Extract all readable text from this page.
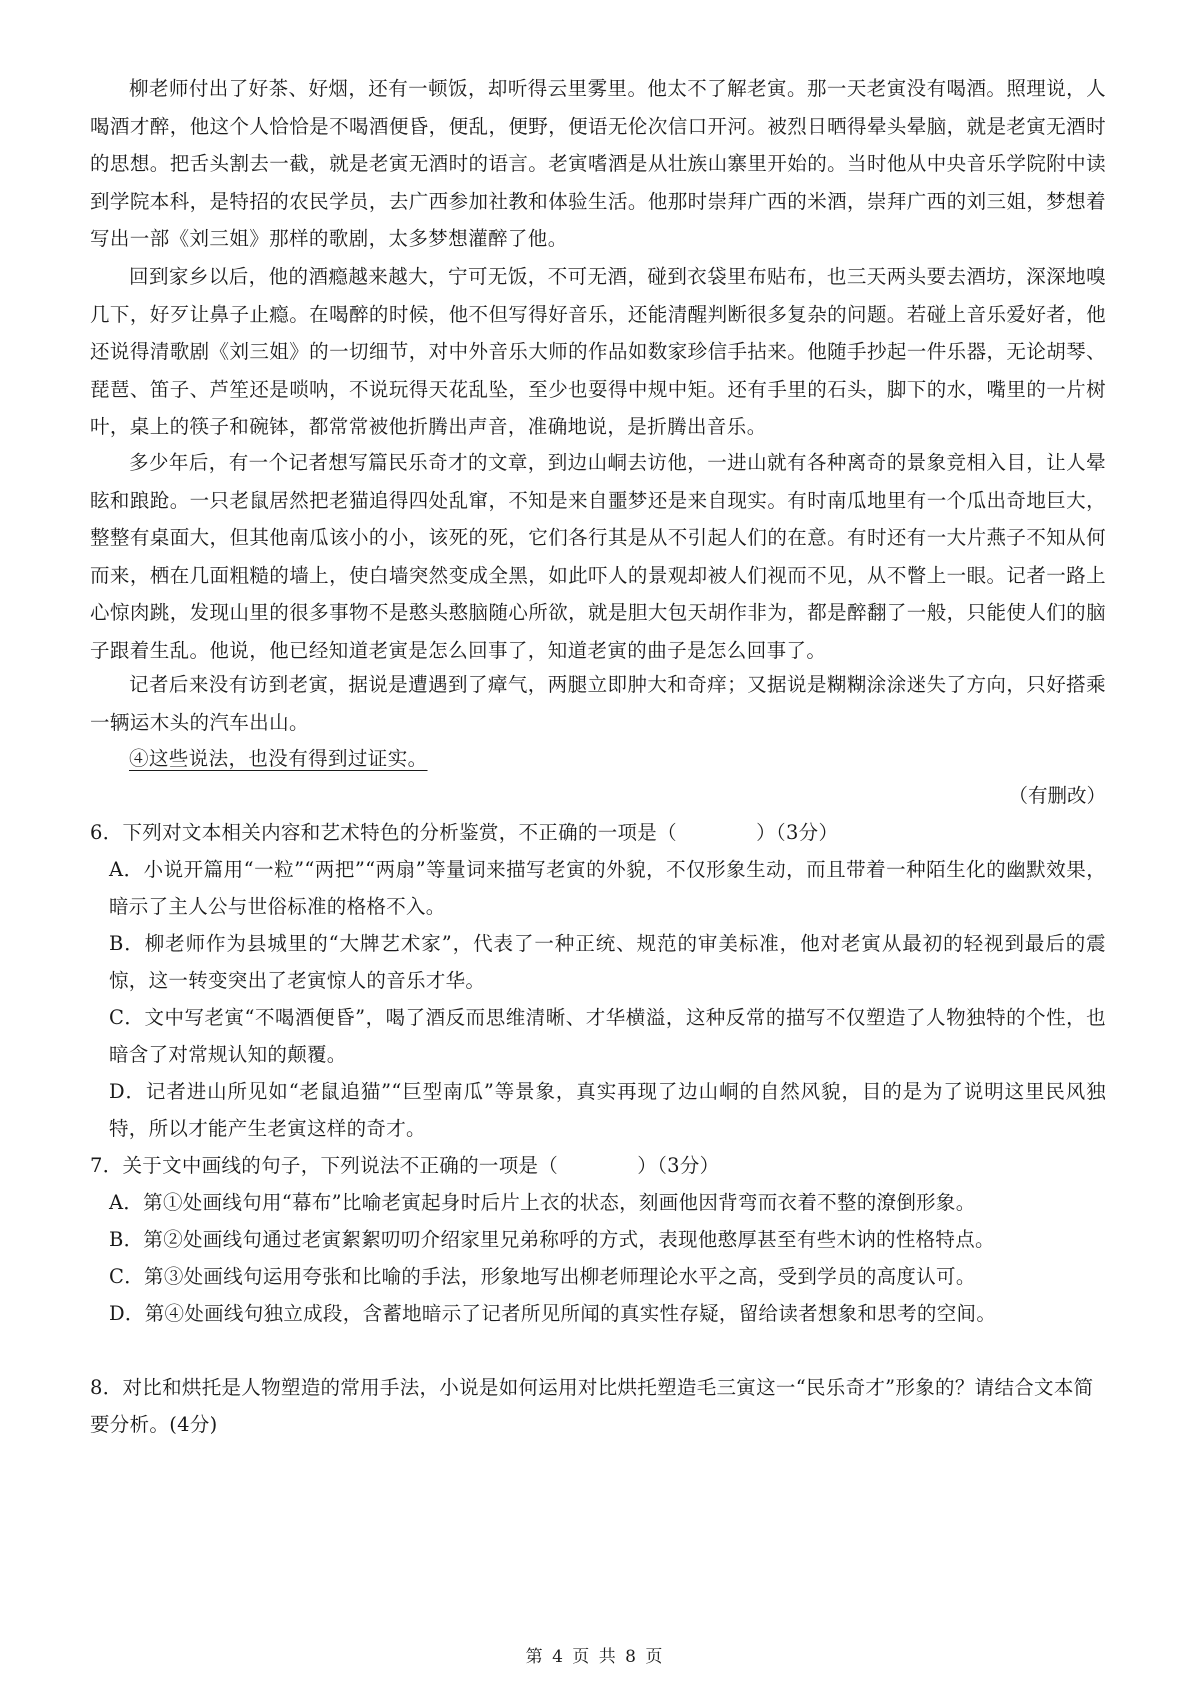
柳老师付出了好茶、好烟，还有一顿饭，却听得云里雾里。他太不了解老寅。那一天老寅没有喝酒。照理说，人喝酒才醉，他这个人恰恰是不喝酒便昏，便乱，便野，便语无伦次信口开河。被烈日晒得晕头晕脑，就是老寅无酒时的思想。把舌头割去一截，就是老寅无酒时的语言。老寅嗜酒是从壮族山寨里开始的。当时他从中央音乐学院附中读到学院本科，是特招的农民学员，去广西参加社教和体验生活。他那时崇拜广西的米酒，崇拜广西的刘三姐，梦想着写出一部《刘三姐》那样的歌剧，太多梦想灌醉了他。
回到家乡以后，他的酒瘾越来越大，宁可无饭，不可无酒，碰到衣袋里布贴布，也三天两头要去酒坊，深深地嗅几下，好歹让鼻子止瘾。在喝醉的时候，他不但写得好音乐，还能清醒判断很多复杂的问题。若碰上音乐爱好者，他还说得清歌剧《刘三姐》的一切细节，对中外音乐大师的作品如数家珍信手拈来。他随手抄起一件乐器，无论胡琴、琵琶、笛子、芦笙还是唢呐，不说玩得天花乱坠，至少也耍得中规中矩。还有手里的石头，脚下的水，嘴里的一片树叶，桌上的筷子和碗钵，都常常被他折腾出声音，准确地说，是折腾出音乐。
多少年后，有一个记者想写篇民乐奇才的文章，到边山峒去访他，一进山就有各种离奇的景象竞相入目，让人晕眩和踉跄。一只老鼠居然把老猫追得四处乱窜，不知是来自噩梦还是来自现实。有时南瓜地里有一个瓜出奇地巨大，整整有桌面大，但其他南瓜该小的小，该死的死，它们各行其是从不引起人们的在意。有时还有一大片燕子不知从何而来，栖在几面粗糙的墙上，使白墙突然变成全黑，如此吓人的景观却被人们视而不见，从不瞥上一眼。记者一路上心惊肉跳，发现山里的很多事物不是憨头憨脑随心所欲，就是胆大包天胡作非为，都是醉翻了一般，只能使人们的脑子跟着生乱。他说，他已经知道老寅是怎么回事了，知道老寅的曲子是怎么回事了。
记者后来没有访到老寅，据说是遭遇到了瘴气，两腿立即肿大和奇痒；又据说是糊糊涂涂迷失了方向，只好搭乘一辆运木头的汽车出山。
④这些说法，也没有得到过证实。
（有删改）
6．下列对文本相关内容和艺术特色的分析鉴赏，不正确的一项是（　　　　）（3分）
A．小说开篇用“一粒”“两把”“两扇”等量词来描写老寅的外貌，不仅形象生动，而且带着一种陌生化的幽默效果，暗示了主人公与世俗标准的格格不入。
B．柳老师作为县城里的“大牌艺术家”，代表了一种正统、规范的审美标准，他对老寅从最初的轻视到最后的震惊，这一转变突出了老寅惊人的音乐才华。
C．文中写老寅“不喝酒便昏”，喝了酒反而思维清晰、才华横溢，这种反常的描写不仅塑造了人物独特的个性，也暗含了对常规认知的颠覆。
D．记者进山所见如“老鼠追猫”“巨型南瓜”等景象，真实再现了边山峒的自然风貌，目的是为了说明这里民风独特，所以才能产生老寅这样的奇才。
7．关于文中画线的句子，下列说法不正确的一项是（　　　　）（3分）
A．第①处画线句用“幕布”比喻老寅起身时后片上衣的状态，刻画他因背弯而衣着不整的潦倒形象。
B．第②处画线句通过老寅絮絮叨叨介绍家里兄弟称呼的方式，表现他憨厚甚至有些木讷的性格特点。
C．第③处画线句运用夸张和比喻的手法，形象地写出柳老师理论水平之高，受到学员的高度认可。
D．第④处画线句独立成段，含蓄地暗示了记者所见所闻的真实性存疑，留给读者想象和思考的空间。
8．对比和烘托是人物塑造的常用手法，小说是如何运用对比烘托塑造毛三寅这一“民乐奇才”形象的？请结合文本简要分析。(4分)
第 4 页 共 8 页
